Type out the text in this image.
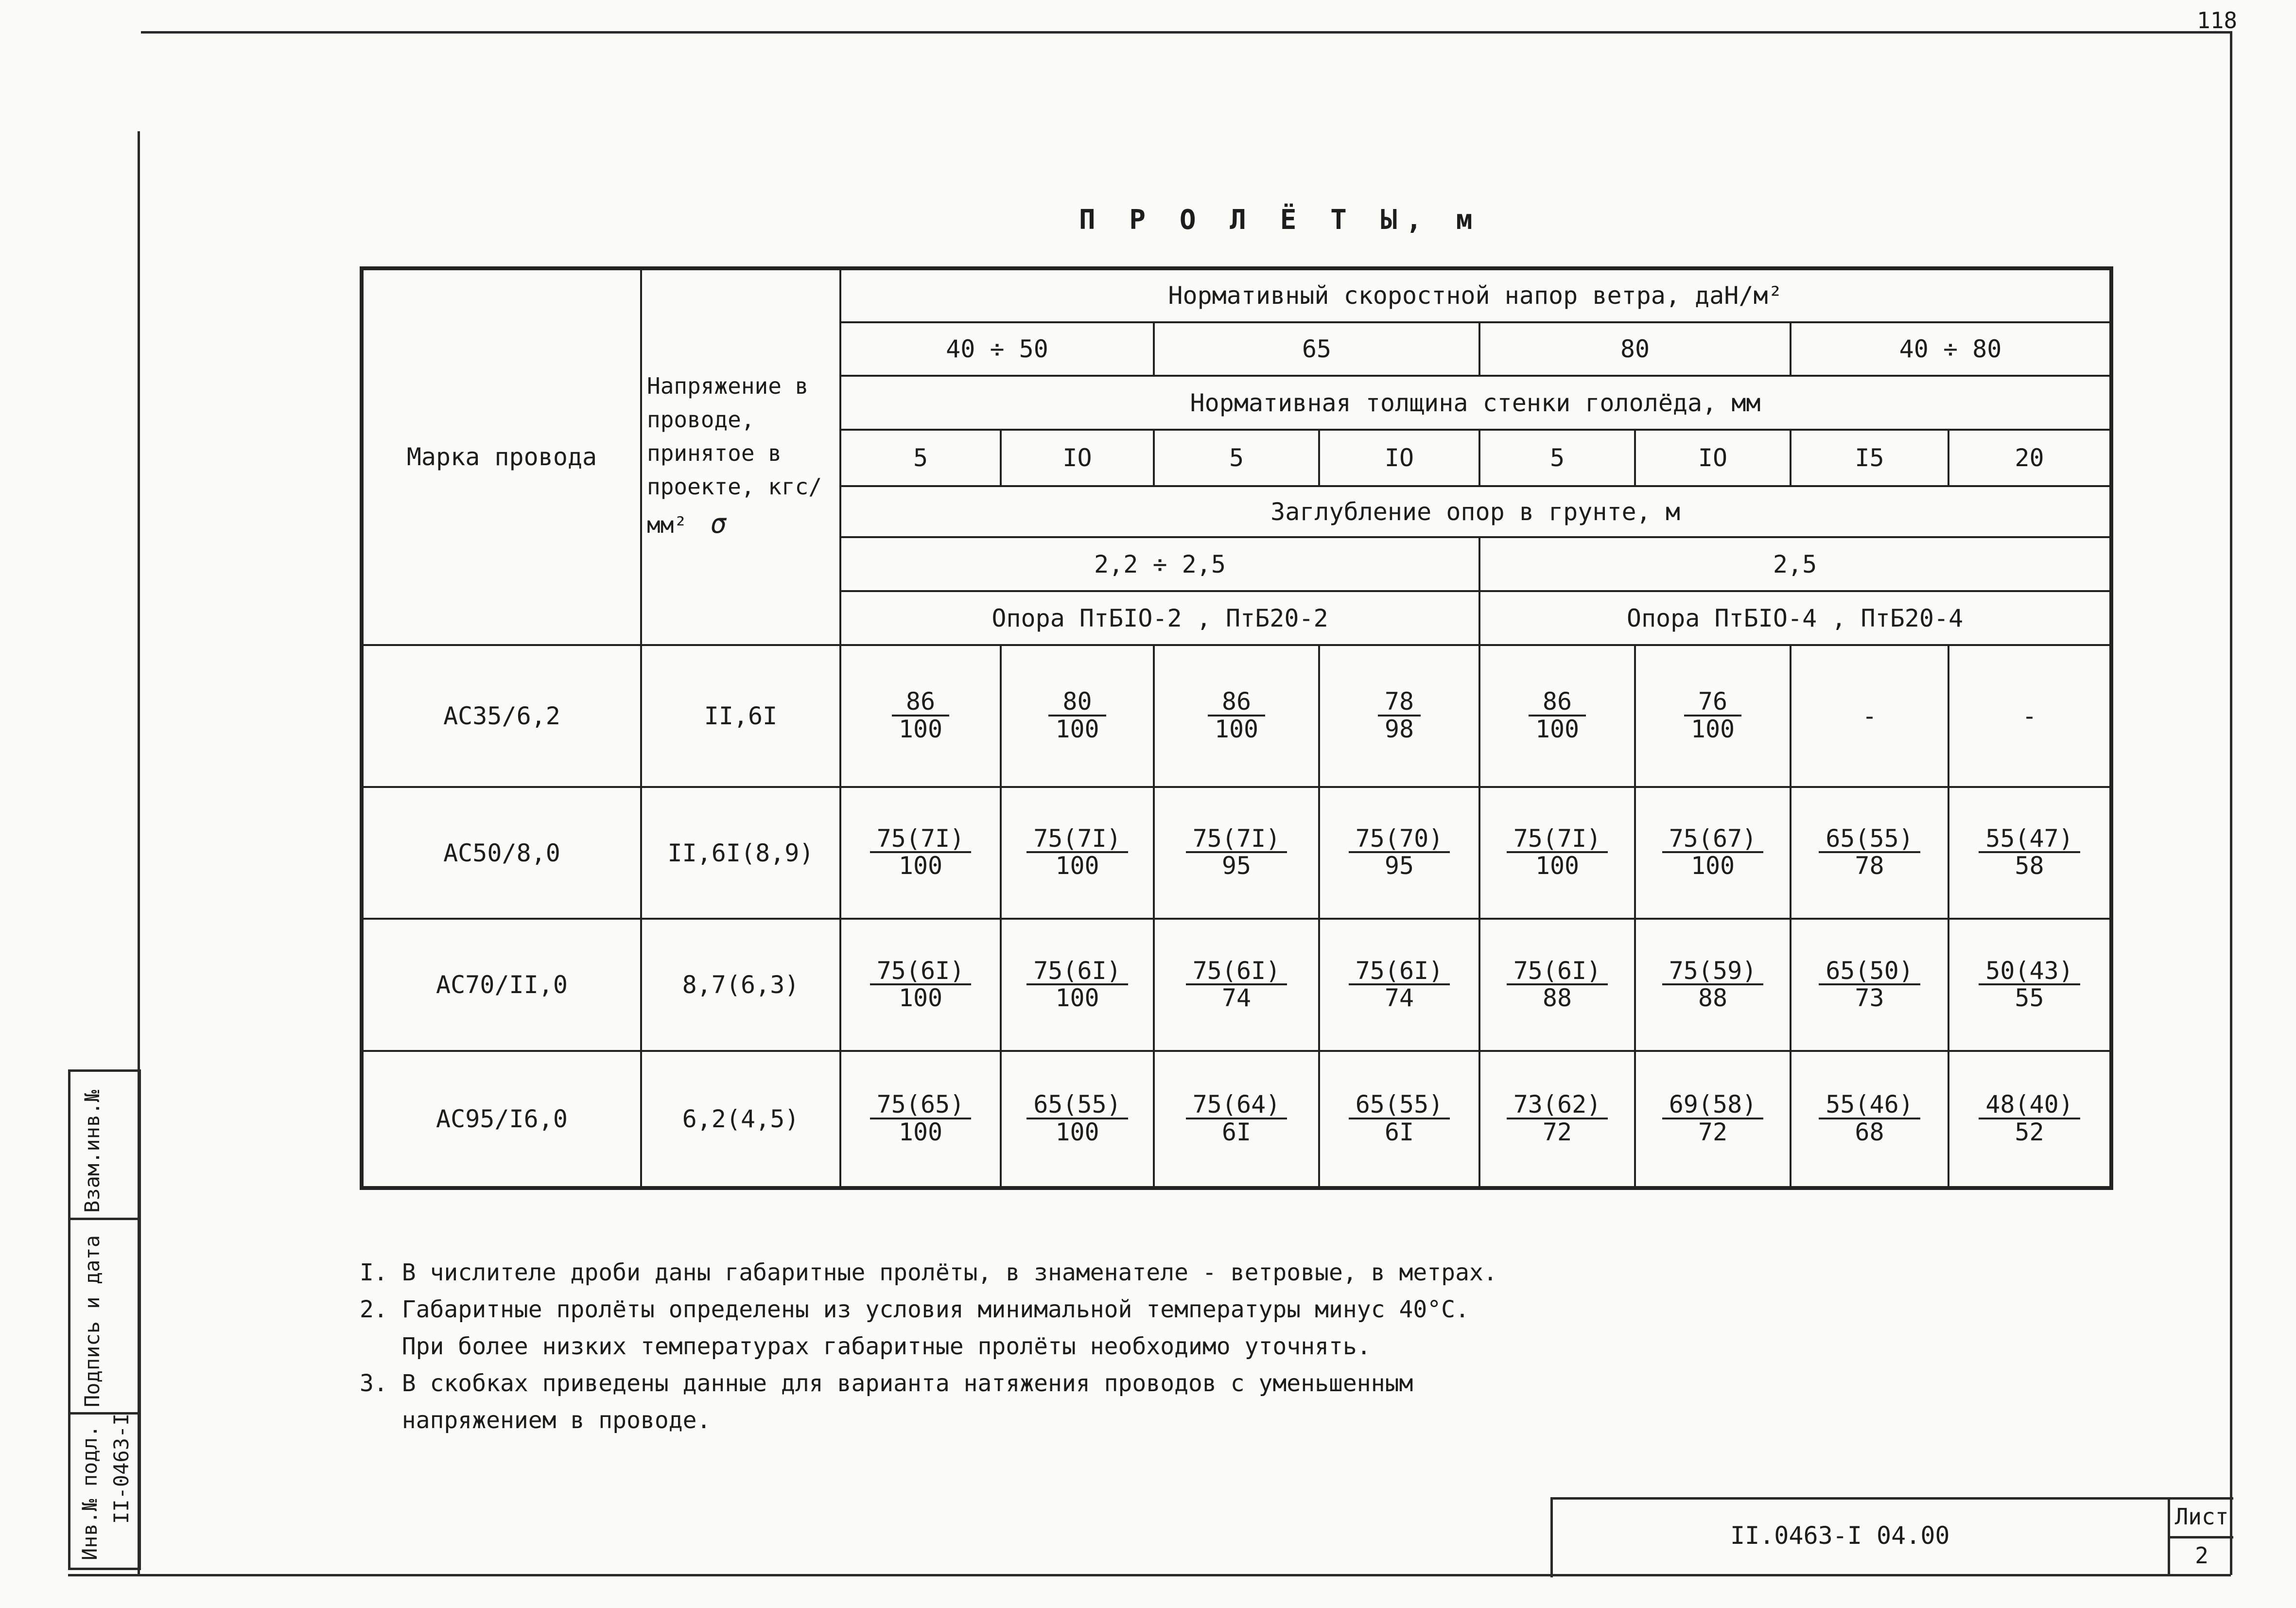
118
П Р О Л Ё Т Ы, м
Марка провода	Напряжение в проводе, принятое в проекте, кгс/мм² σ	Нормативный скоростной напор ветра, даН/м²							
		40 ÷ 50		65		80		40 ÷ 80	
		Нормативная толщина стенки гололёда, мм							
		5	IO	5	IO	5	IO	I5	20
		Заглубление опор в грунте, м							
		2,2 ÷ 2,5				2,5			
		Опора ПтБIО-2 , ПтБ20-2				Опора ПтБIО-4 , ПтБ20-4			
АС35/6,2	II,6I	$\frac{86}{100}$	$\frac{80}{100}$	$\frac{86}{100}$	$\frac{78}{98}$	$\frac{86}{100}$	$\frac{76}{100}$	-	-
АС50/8,0	II,6I(8,9)	$\frac{75(7I)}{100}$	$\frac{75(7I)}{100}$	$\frac{75(7I)}{95}$	$\frac{75(70)}{95}$	$\frac{75(7I)}{100}$	$\frac{75(67)}{100}$	$\frac{65(55)}{78}$	$\frac{55(47)}{58}$

АС70/II,0	8,7(6,3)	$\frac{75(6I)}{100}$	$\frac{75(6I)}{100}$	$\frac{75(6I)}{74}$	$\frac{75(6I)}{74}$	$\frac{75(6I)}{88}$	$\frac{75(59)}{88}$	$\frac{65(50)}{73}$	$\frac{50(43)}{55}$

АС95/I6,0	6,2(4,5)	$\frac{75(65)}{100}$	$\frac{65(55)}{100}$	$\frac{75(64)}{6I}$	$\frac{65(55)}{6I}$	$\frac{73(62)}{72}$	$\frac{69(58)}{72}$	$\frac{55(46)}{68}$	$\frac{48(40)}{52}$
I. В числителе дроби даны габаритные пролёты, в знаменателе - ветровые, в метрах.
2. Габаритные пролёты определены из условия минимальной температуры минус 40°С.
При более низких температурах габаритные пролёты необходимо уточнять.
3. В скобках приведены данные для варианта натяжения проводов с уменьшенным
напряжением в проводе.
Взам.инв.№
Подпись и дата
Инв.№ подл. II-0463-I
II.0463-I 04.00
Лист
2
